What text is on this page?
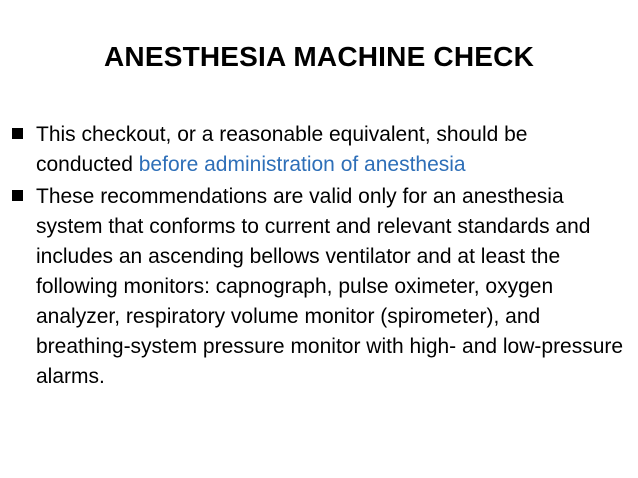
ANESTHESIA MACHINE CHECK
This checkout, or a reasonable equivalent, should be conducted before administration of anesthesia
These recommendations are valid only for an anesthesia system that conforms to current and relevant standards and includes an ascending bellows ventilator and at least the following monitors: capnograph, pulse oximeter, oxygen analyzer, respiratory volume monitor (spirometer), and breathing-system pressure monitor with high- and low-pressure alarms.
